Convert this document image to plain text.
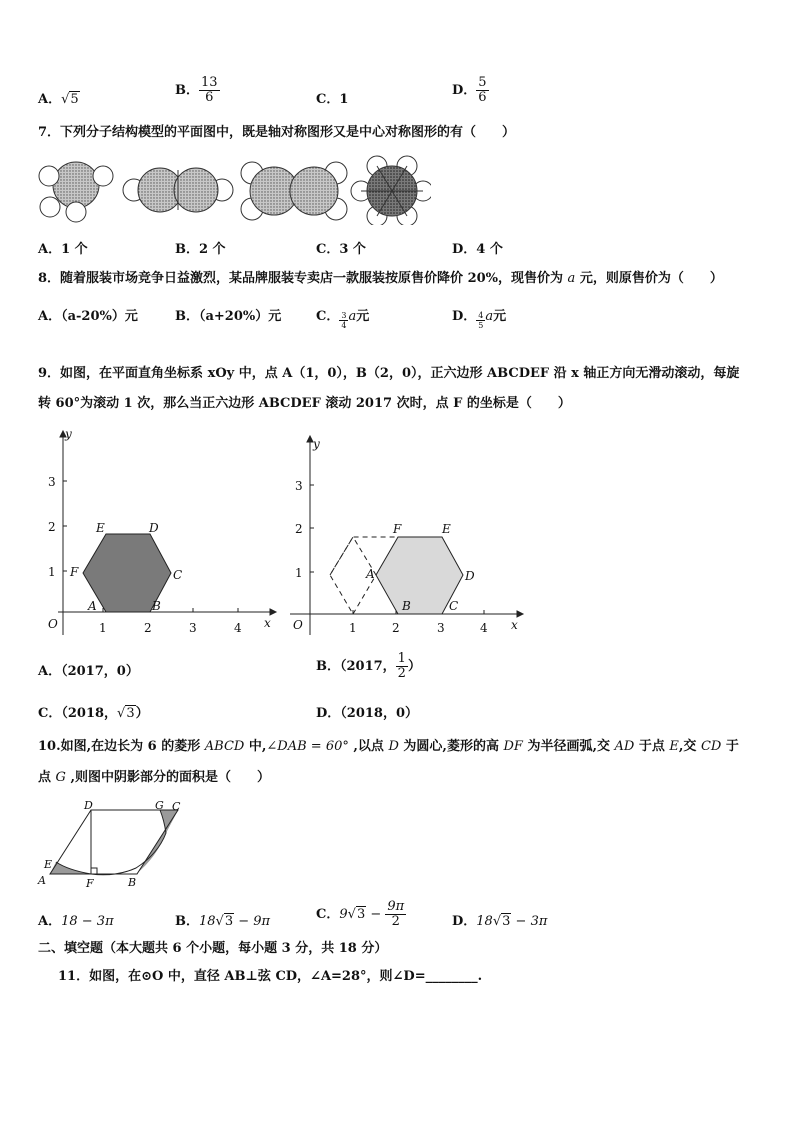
A．√5
B． $\frac{13}{6}$	C．1
D． $\frac{5}{6}$
7．下列分子结构模型的平面图中，既是轴对称图形又是中心对称图形的有（　　）
A．1 个	B．2 个	C．3 个	D．4 个
8．随着服装市场竞争日益激烈，某品牌服装专卖店一款服装按原售价降价 20%，现售价为 a 元，则原售价为（　　）
A．（a-20%）元	B．（a+20%）元	C． $\frac{3}{4}$ a元	D． $\frac{4}{5}$ a元
9．如图，在平面直角坐标系 xOy 中，点 A（1，0），B（2，0），正六边形 ABCDEF 沿 x 轴正方向无滑动滚动，每旋
转 60°为滚动 1 次，那么当正六边形 ABCDEF 滚动 2017 次时，点 F 的坐标是（　　）
y
x
O
A	B
C
D
E
F
1	2	3	4
1
2
3
y
x
O
A
B	C
D
E
F
1	2	3	4
1
2
3
A．（2017，0）	B．（2017， $\frac{1}{2}$ ）
C．（2018，√3）	D．（2018，0）
10.如图,在边长为 6 的菱形 ABCD 中,∠DAB = 60° ,以点 D 为圆心,菱形的高 DF 为半径画弧,交 AD 于点 E,交 CD 于
点 G ,则图中阴影部分的面积是（　　）
A	B
C
D
E
F
G
A．18 − 3π	B．18√3 − 9π	C．$9√3 - \frac{9\pi}{2}$	D．18√3 − 3π
二、填空题（本大题共 6 个小题，每小题 3 分，共 18 分）
11．如图，在⊙O 中，直径 AB⊥弦 CD，∠A=28°，则∠D=________.
